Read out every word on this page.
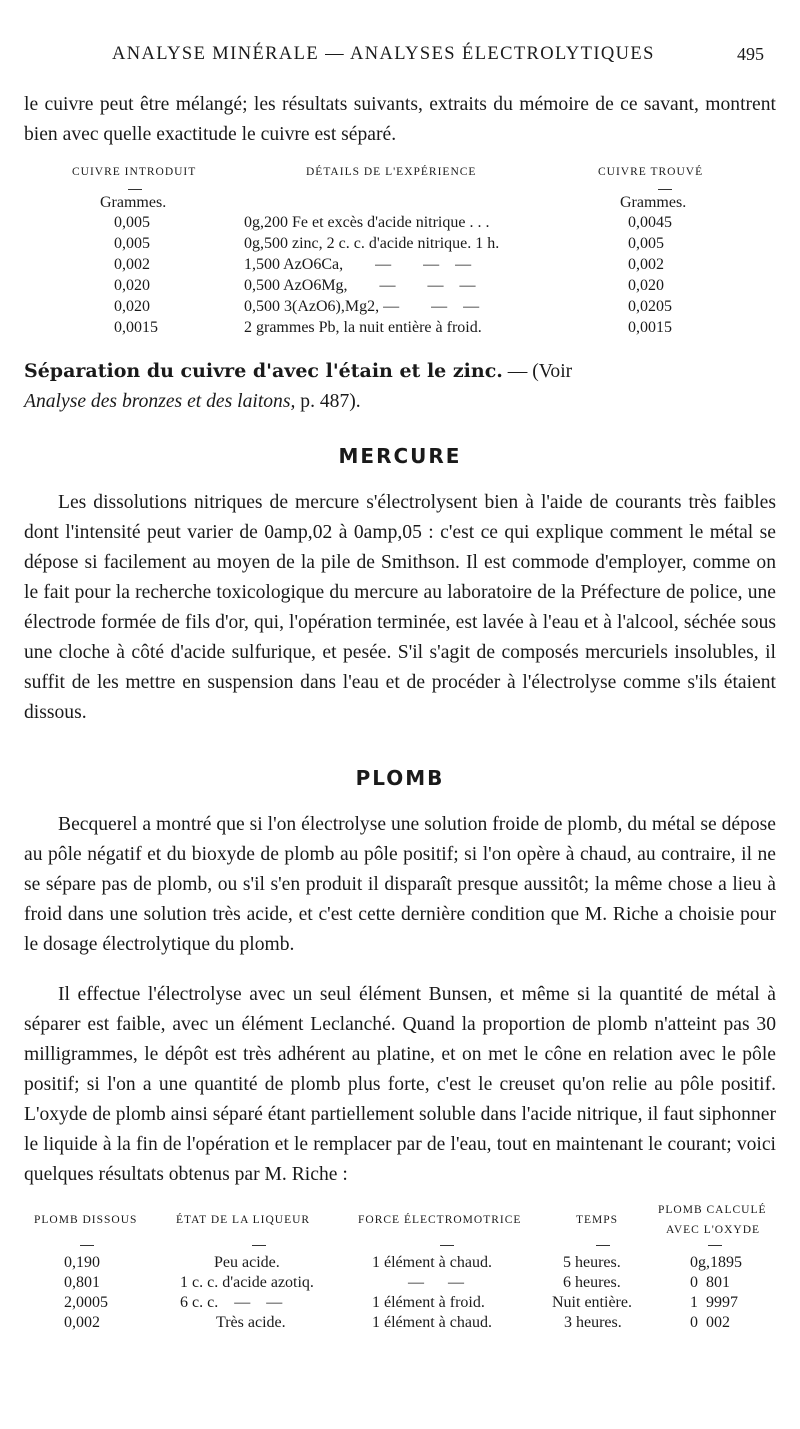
ANALYSE MINÉRALE — ANALYSES ÉLECTROLYTIQUES	495

le cuivre peut être mélangé; les résultats suivants, extraits du mémoire de ce savant, montrent bien avec quelle exactitude le cuivre est séparé.

CUIVRE INTRODUIT	DÉTAILS DE L'EXPÉRIENCE	CUIVRE TROUVÉ
Grammes.	Grammes.
0,005	0g,200 Fe et excès d'acide nitrique . . .	0,0045
0,005	0g,500 zinc, 2 c. c. d'acide nitrique. 1 h.	0,005
0,002	1,500 AzO6Ca,        —        —    —	0,002
0,020	0,500 AzO6Mg,        —        —    —	0,020
0,020	0,500 3(AzO6),Mg2, —        —    —	0,0205
0,0015	2 grammes Pb, la nuit entière à froid.	0,0015

Séparation du cuivre d'avec l'étain et le zinc. — (Voir
Analyse des bronzes et des laitons, p. 487).

MERCURE

Les dissolutions nitriques de mercure s'électrolysent bien à l'aide de courants très faibles dont l'intensité peut varier de 0amp,02 à 0amp,05 : c'est ce qui explique comment le métal se dépose si facilement au moyen de la pile de Smithson. Il est commode d'employer, comme on le fait pour la recherche toxicologique du mercure au laboratoire de la Préfecture de police, une électrode formée de fils d'or, qui, l'opération terminée, est lavée à l'eau et à l'alcool, séchée sous une cloche à côté d'acide sulfurique, et pesée. S'il s'agit de composés mercuriels insolubles, il suffit de les mettre en suspension dans l'eau et de procéder à l'électrolyse comme s'ils étaient dissous.

PLOMB

Becquerel a montré que si l'on électrolyse une solution froide de plomb, du métal se dépose au pôle négatif et du bioxyde de plomb au pôle positif; si l'on opère à chaud, au contraire, il ne se sépare pas de plomb, ou s'il s'en produit il disparaît presque aussitôt; la même chose a lieu à froid dans une solution très acide, et c'est cette dernière condition que M. Riche a choisie pour le dosage électrolytique du plomb.

Il effectue l'électrolyse avec un seul élément Bunsen, et même si la quantité de métal à séparer est faible, avec un élément Leclanché. Quand la proportion de plomb n'atteint pas 30 milligrammes, le dépôt est très adhérent au platine, et on met le cône en relation avec le pôle positif; si l'on a une quantité de plomb plus forte, c'est le creuset qu'on relie au pôle positif. L'oxyde de plomb ainsi séparé étant partiellement soluble dans l'acide nitrique, il faut siphonner le liquide à la fin de l'opération et le remplacer par de l'eau, tout en maintenant le courant; voici quelques résultats obtenus par M. Riche :

PLOMB DISSOUS	ÉTAT DE LA LIQUEUR	FORCE ÉLECTROMOTRICE	TEMPS
PLOMB CALCULÉ
AVEC L'OXYDE
0,190	Peu acide.	1 élément à chaud.	5 heures.	0g,1895
0,801	1 c. c. d'acide azotiq.	—      —	6 heures.	0  801
2,0005	6 c. c.    —    —	1 élément à froid.	Nuit entière.	1  9997
0,002	Très acide.	1 élément à chaud.	3 heures.	0  002
